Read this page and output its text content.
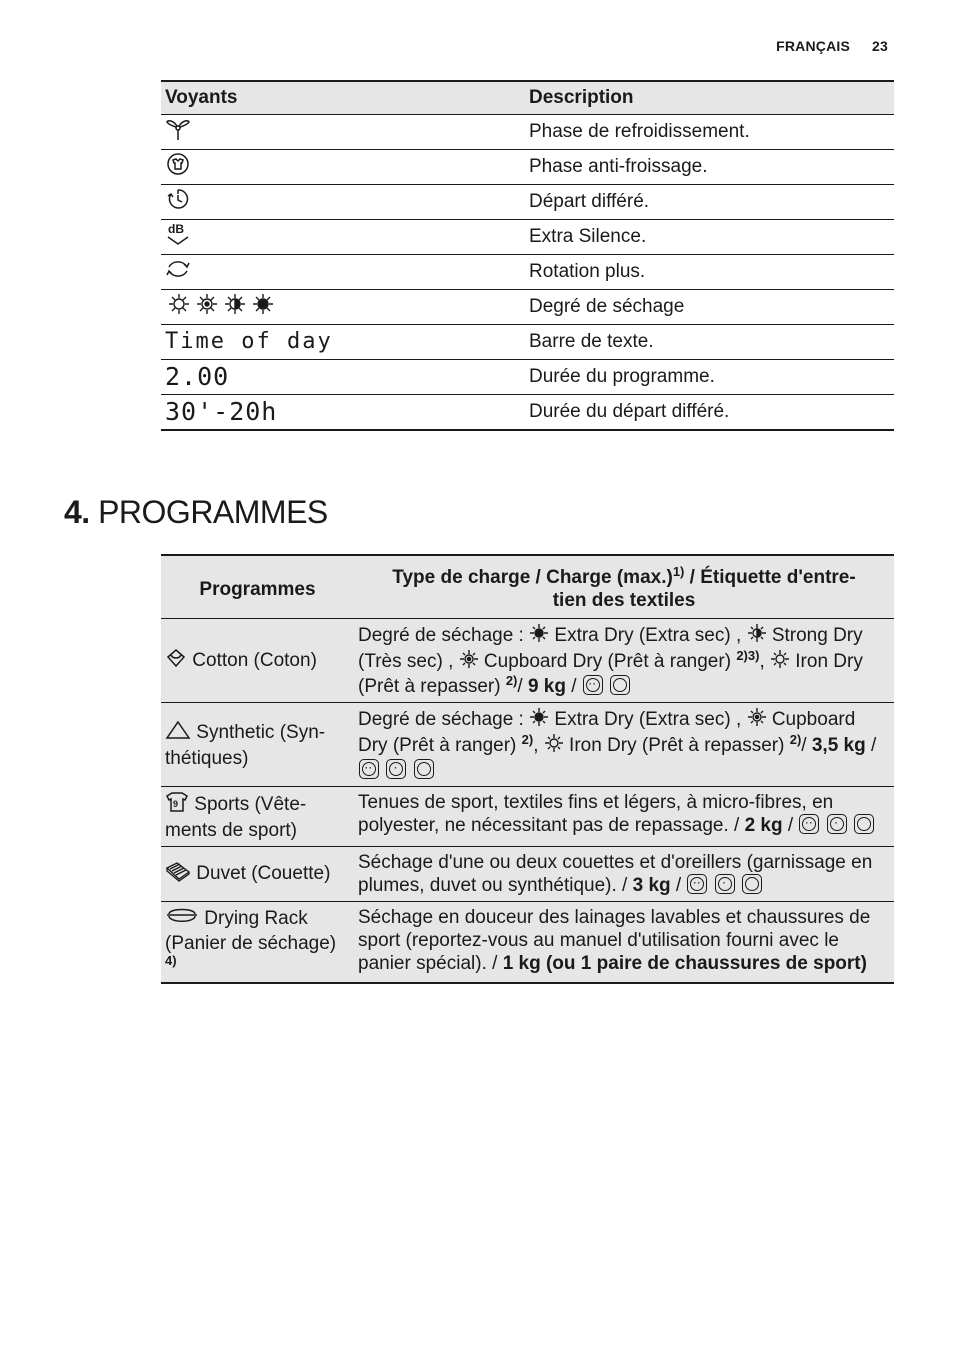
FRANÇAIS 23
Voyants	Description
	Phase de refroidissement.
	Phase anti-froissage.
	Départ différé.

dB	Extra Silence.
	Rotation plus.
	Degré de séchage
Time of day	Barre de texte.
2.00	Durée du programme.
30'-20h	Durée du départ différé.
4. PROGRAMMES
Programmes	Type de charge / Charge $(\max.)^{1)}$ / Étiquette d'entre-
tien des textiles
Cotton (Coton)	Degré de séchage :  Extra Dry (Extra sec) ,  Strong Dry (Très sec) ,  Cupboard Dry (Prêt à ranger) $^{2)3)}$,  Iron Dry (Prêt à repasser) $^{2)}$/ 9 kg / ··

Synthetic (Syn-thétiques)	Degré de séchage :  Extra Dry (Extra sec) ,  Cupboard Dry (Prêt à ranger) $^{2)}$,  Iron Dry (Prêt à repasser) $^{2)}$/ 3,5 kg /
··
·

9 Sports (Vête-ments de sport)	Tenues de sport, textiles fins et légers, à micro-fibres, en polyester, ne nécessitant pas de repassage. / 2 kg / ··
·

Duvet (Couette)	Séchage d'une ou deux couettes et d'oreillers (garnissage en plumes, duvet ou synthétique). / 3 kg / ··
·

Drying Rack (Panier de séchage)
$^{4)}$	Séchage en douceur des lainages lavables et chaussures de sport (reportez-vous au manuel d'utilisation fourni avec le panier spécial). / 1 kg (ou 1 paire de chaussures de sport)
